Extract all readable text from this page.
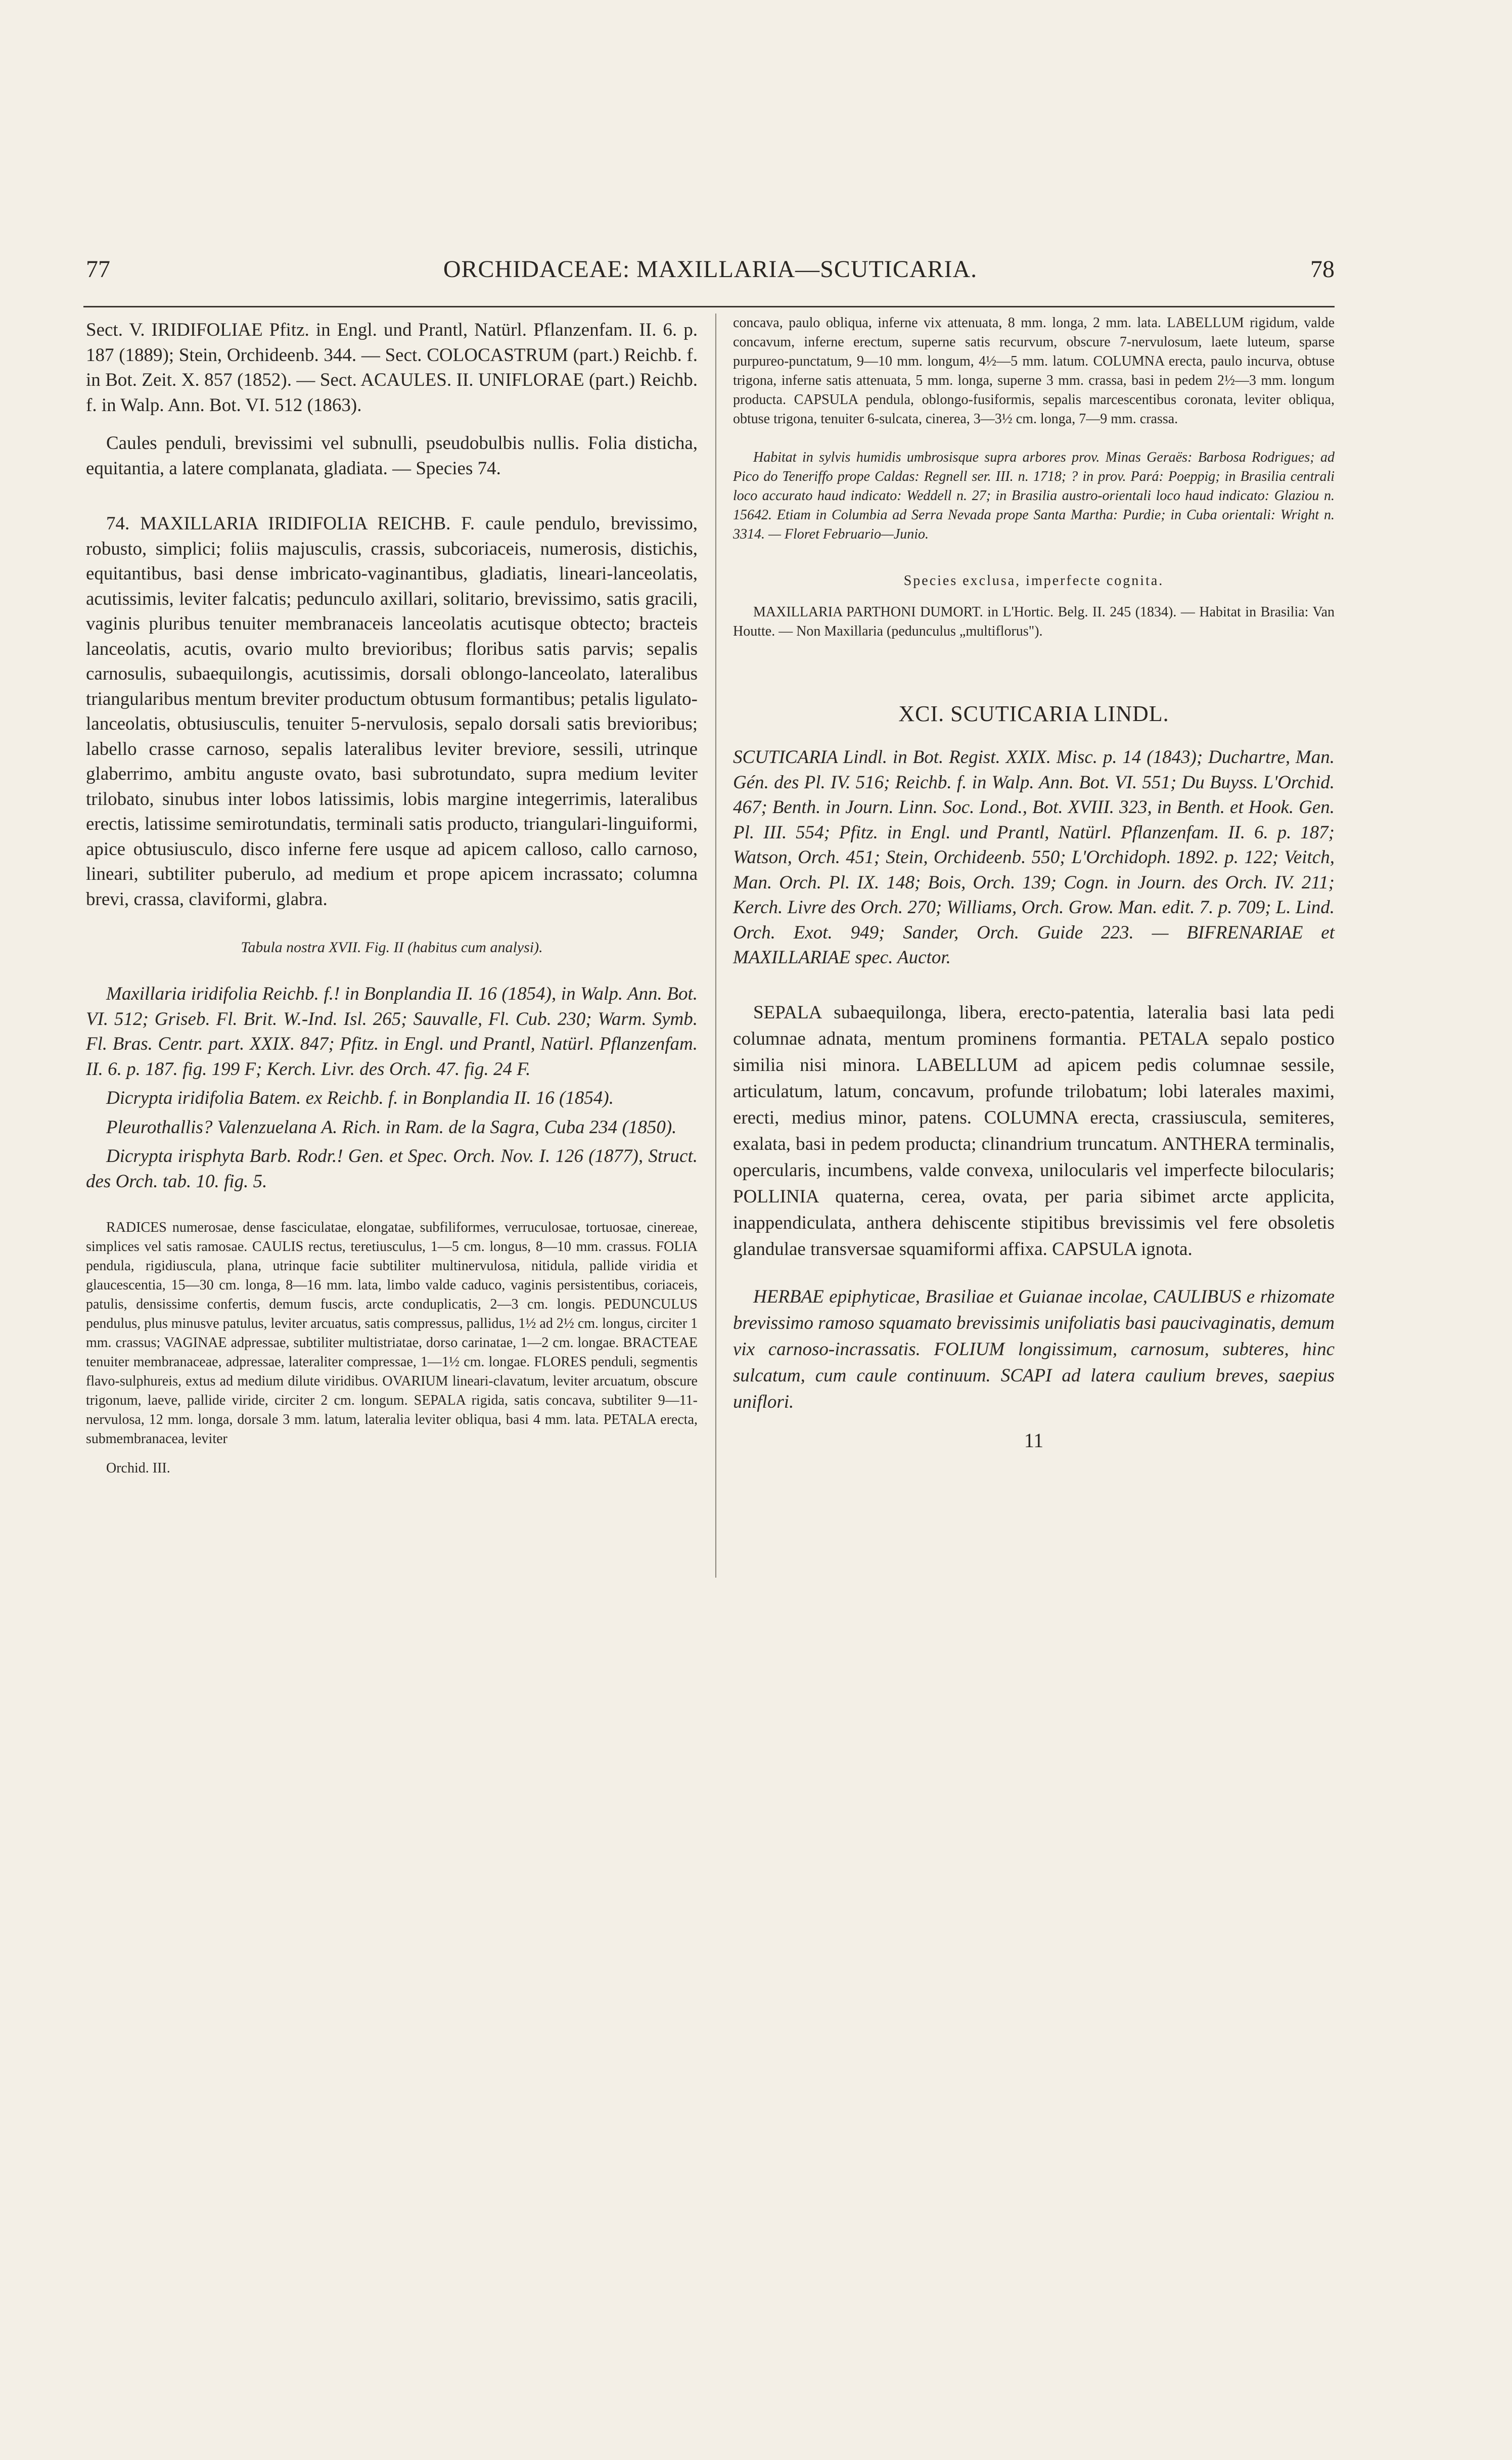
77	ORCHIDACEAE: MAXILLARIA—SCUTICARIA.	78

Sect. V. IRIDIFOLIAE Pfitz. in Engl. und Prantl, Natürl. Pflanzenfam. II. 6. p. 187 (1889); Stein, Orchideenb. 344. — Sect. COLOCASTRUM (part.) Reichb. f. in Bot. Zeit. X. 857 (1852). — Sect. ACAULES. II. UNIFLORAE (part.) Reichb. f. in Walp. Ann. Bot. VI. 512 (1863).

Caules penduli, brevissimi vel subnulli, pseudobulbis nullis. Folia disticha, equitantia, a latere complanata, gladiata. — Species 74.

74. MAXILLARIA IRIDIFOLIA REICHB. F. caule pendulo, brevissimo, robusto, simplici; foliis majusculis, crassis, subcoriaceis, numerosis, distichis, equitantibus, basi dense imbricato-vaginantibus, gladiatis, lineari-lanceolatis, acutissimis, leviter falcatis; pedunculo axillari, solitario, brevissimo, satis gracili, vaginis pluribus tenuiter membranaceis lanceolatis acutisque obtecto; bracteis lanceolatis, acutis, ovario multo brevioribus; floribus satis parvis; sepalis carnosulis, subaequilongis, acutissimis, dorsali oblongo-lanceolato, lateralibus triangularibus mentum breviter productum obtusum formantibus; petalis ligulato-lanceolatis, obtusiusculis, tenuiter 5-nervulosis, sepalo dorsali satis brevioribus; labello crasse carnoso, sepalis lateralibus leviter breviore, sessili, utrinque glaberrimo, ambitu anguste ovato, basi subrotundato, supra medium leviter trilobato, sinubus inter lobos latissimis, lobis margine integerrimis, lateralibus erectis, latissime semirotundatis, terminali satis producto, triangulari-linguiformi, apice obtusiusculo, disco inferne fere usque ad apicem calloso, callo carnoso, lineari, subtiliter puberulo, ad medium et prope apicem incrassato; columna brevi, crassa, claviformi, glabra.

Tabula nostra XVII. Fig. II (habitus cum analysi).

Maxillaria iridifolia Reichb. f.! in Bonplandia II. 16 (1854), in Walp. Ann. Bot. VI. 512; Griseb. Fl. Brit. W.-Ind. Isl. 265; Sauvalle, Fl. Cub. 230; Warm. Symb. Fl. Bras. Centr. part. XXIX. 847; Pfitz. in Engl. und Prantl, Natürl. Pflanzenfam. II. 6. p. 187. fig. 199 F; Kerch. Livr. des Orch. 47. fig. 24 F.

Dicrypta iridifolia Batem. ex Reichb. f. in Bonplandia II. 16 (1854).

Pleurothallis? Valenzuelana A. Rich. in Ram. de la Sagra, Cuba 234 (1850).

Dicrypta irisphyta Barb. Rodr.! Gen. et Spec. Orch. Nov. I. 126 (1877), Struct. des Orch. tab. 10. fig. 5.

RADICES numerosae, dense fasciculatae, elongatae, subfiliformes, verruculosae, tortuosae, cinereae, simplices vel satis ramosae. CAULIS rectus, teretiusculus, 1—5 cm. longus, 8—10 mm. crassus. FOLIA pendula, rigidiuscula, plana, utrinque facie subtiliter multinervulosa, nitidula, pallide viridia et glaucescentia, 15—30 cm. longa, 8—16 mm. lata, limbo valde caduco, vaginis persistentibus, coriaceis, patulis, densissime confertis, demum fuscis, arcte conduplicatis, 2—3 cm. longis. PEDUNCULUS pendulus, plus minusve patulus, leviter arcuatus, satis compressus, pallidus, 1½ ad 2½ cm. longus, circiter 1 mm. crassus; VAGINAE adpressae, subtiliter multistriatae, dorso carinatae, 1—2 cm. longae. BRACTEAE tenuiter membranaceae, adpressae, lateraliter compressae, 1—1½ cm. longae. FLORES penduli, segmentis flavo-sulphureis, extus ad medium dilute viridibus. OVARIUM lineari-clavatum, leviter arcuatum, obscure trigonum, laeve, pallide viride, circiter 2 cm. longum. SEPALA rigida, satis concava, subtiliter 9—11-nervulosa, 12 mm. longa, dorsale 3 mm. latum, lateralia leviter obliqua, basi 4 mm. lata. PETALA erecta, submembranacea, leviter

Orchid. III.

concava, paulo obliqua, inferne vix attenuata, 8 mm. longa, 2 mm. lata. LABELLUM rigidum, valde concavum, inferne erectum, superne satis recurvum, obscure 7-nervulosum, laete luteum, sparse purpureo-punctatum, 9—10 mm. longum, 4½—5 mm. latum. COLUMNA erecta, paulo incurva, obtuse trigona, inferne satis attenuata, 5 mm. longa, superne 3 mm. crassa, basi in pedem 2½—3 mm. longum producta. CAPSULA pendula, oblongo-fusiformis, sepalis marcescentibus coronata, leviter obliqua, obtuse trigona, tenuiter 6-sulcata, cinerea, 3—3½ cm. longa, 7—9 mm. crassa.

Habitat in sylvis humidis umbrosisque supra arbores prov. Minas Geraës: Barbosa Rodrigues; ad Pico do Teneriffo prope Caldas: Regnell ser. III. n. 1718; ? in prov. Pará: Poeppig; in Brasilia centrali loco accurato haud indicato: Weddell n. 27; in Brasilia austro-orientali loco haud indicato: Glaziou n. 15642. Etiam in Columbia ad Serra Nevada prope Santa Martha: Purdie; in Cuba orientali: Wright n. 3314. — Floret Februario—Junio.

Species exclusa, imperfecte cognita.

MAXILLARIA PARTHONI DUMORT. in L'Hortic. Belg. II. 245 (1834). — Habitat in Brasilia: Van Houtte. — Non Maxillaria (pedunculus „multiflorus").

XCI. SCUTICARIA LINDL.

SCUTICARIA Lindl. in Bot. Regist. XXIX. Misc. p. 14 (1843); Duchartre, Man. Gén. des Pl. IV. 516; Reichb. f. in Walp. Ann. Bot. VI. 551; Du Buyss. L'Orchid. 467; Benth. in Journ. Linn. Soc. Lond., Bot. XVIII. 323, in Benth. et Hook. Gen. Pl. III. 554; Pfitz. in Engl. und Prantl, Natürl. Pflanzenfam. II. 6. p. 187; Watson, Orch. 451; Stein, Orchideenb. 550; L'Orchidoph. 1892. p. 122; Veitch, Man. Orch. Pl. IX. 148; Bois, Orch. 139; Cogn. in Journ. des Orch. IV. 211; Kerch. Livre des Orch. 270; Williams, Orch. Grow. Man. edit. 7. p. 709; L. Lind. Orch. Exot. 949; Sander, Orch. Guide 223. — BIFRENARIAE et MAXILLARIAE spec. Auctor.

SEPALA subaequilonga, libera, erecto-patentia, lateralia basi lata pedi columnae adnata, mentum prominens formantia. PETALA sepalo postico similia nisi minora. LABELLUM ad apicem pedis columnae sessile, articulatum, latum, concavum, profunde trilobatum; lobi laterales maximi, erecti, medius minor, patens. COLUMNA erecta, crassiuscula, semiteres, exalata, basi in pedem producta; clinandrium truncatum. ANTHERA terminalis, opercularis, incumbens, valde convexa, unilocularis vel imperfecte bilocularis; POLLINIA quaterna, cerea, ovata, per paria sibimet arcte applicita, inappendiculata, anthera dehiscente stipitibus brevissimis vel fere obsoletis glandulae transversae squamiformi affixa. CAPSULA ignota.

HERBAE epiphyticae, Brasiliae et Guianae incolae, CAULIBUS e rhizomate brevissimo ramoso squamato brevissimis unifoliatis basi paucivaginatis, demum vix carnoso-incrassatis. FOLIUM longissimum, carnosum, subteres, hinc sulcatum, cum caule continuum. SCAPI ad latera caulium breves, saepius uniflori.

11
